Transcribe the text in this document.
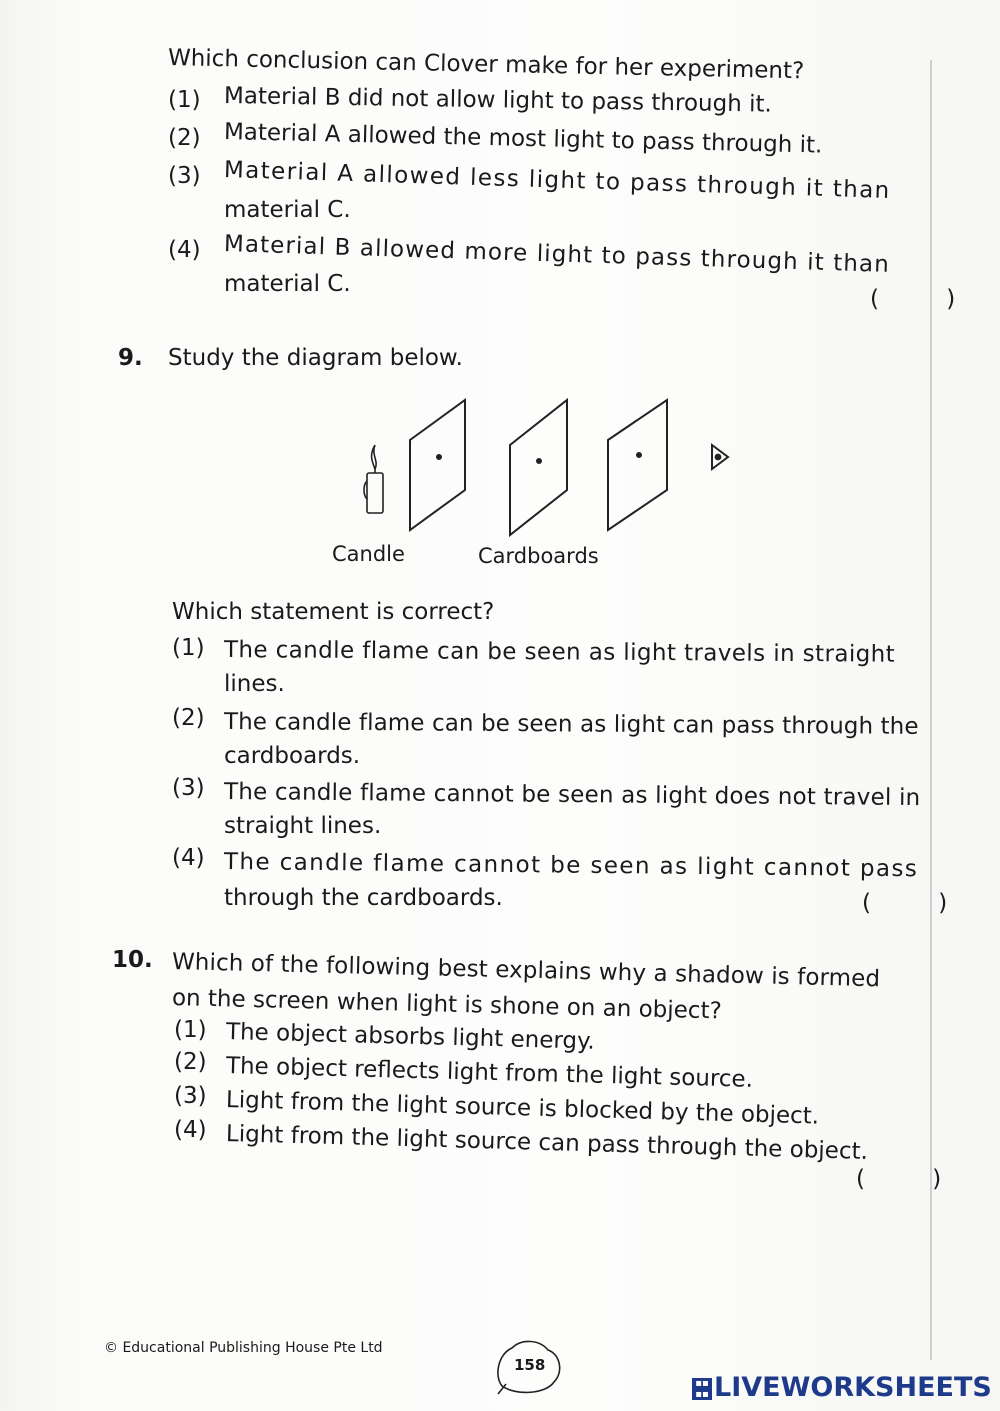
Which conclusion can Clover make for her experiment?
(1) Material B did not allow light to pass through it.
(2) Material A allowed the most light to pass through it.
(3) Material A allowed less light to pass through it than
material C.
(4) Material B allowed more light to pass through it than
material C.
( )
9. Study the diagram below.
Candle	Cardboards
Which statement is correct?
(1) The candle flame can be seen as light travels in straight
lines.
(2) The candle flame can be seen as light can pass through the
cardboards.
(3) The candle flame cannot be seen as light does not travel in
straight lines.
(4) The candle flame cannot be seen as light cannot pass
through the cardboards.	( )
10. Which of the following best explains why a shadow is formed
on the screen when light is shone on an object?
(1) The object absorbs light energy.
(2) The object reflects light from the light source.
(3) Light from the light source is blocked by the object.
(4) Light from the light source can pass through the object.
( )
© Educational Publishing House Pte Ltd
158
▪▪
▪▪ LIVEWORKSHEETS
